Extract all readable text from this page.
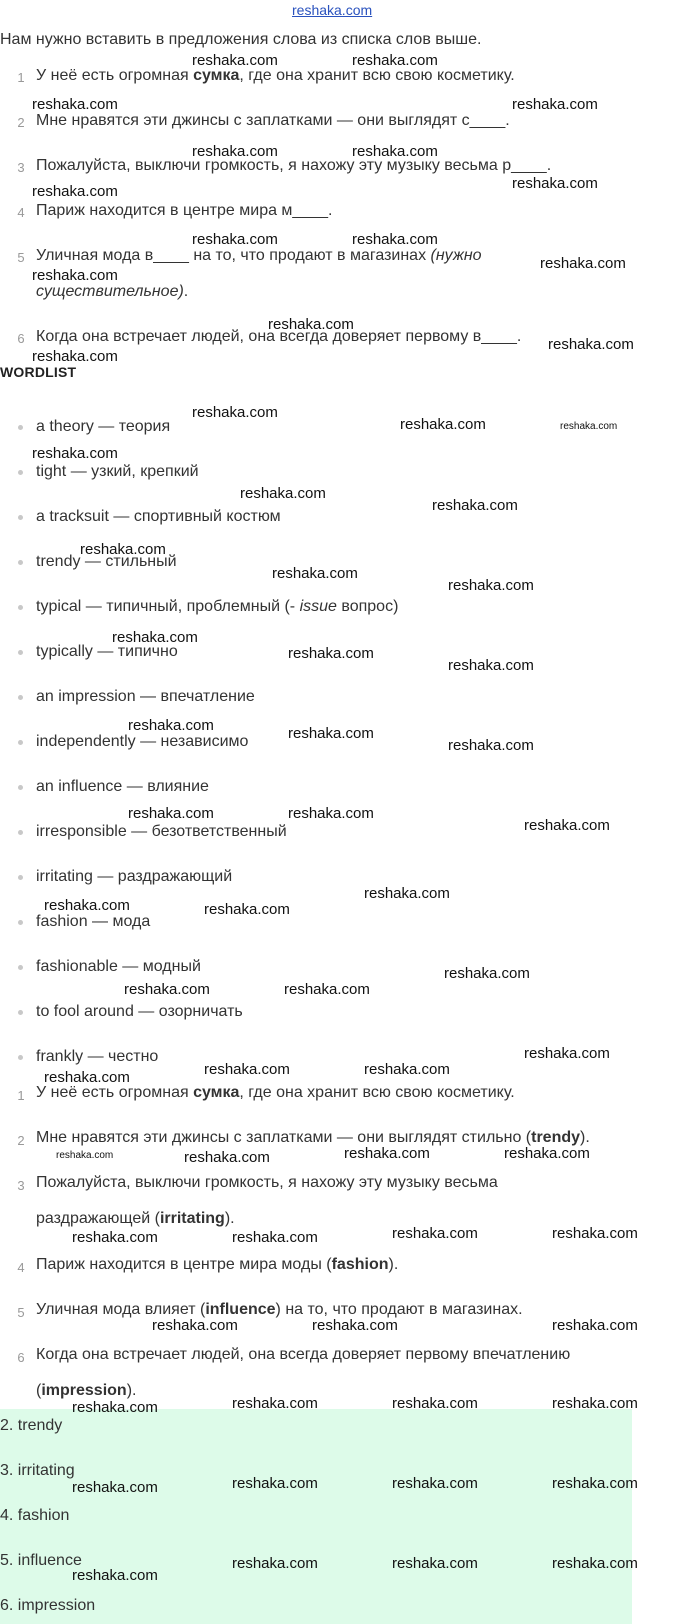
reshaka.com
Нам нужно вставить в предложения слова из списка слов выше.
1 У неё есть огромная сумка, где она хранит всю свою косметику.
2 Мне нравятся эти джинсы с заплатками — они выглядят с____.
3 Пожалуйста, выключи громкость, я нахожу эту музыку весьма р____.
4 Париж находится в центре мира м____.
5 Уличная мода в____ на то, что продают в магазинах (нужно
существительное).
6 Когда она встречает людей, она всегда доверяет первому в____.
WORDLIST
a theory — теория
tight — узкий, крепкий
a tracksuit — спортивный костюм
trendy — стильный
typical — типичный, проблемный (- issue вопрос)
typically — типично
an impression — впечатление
independently — независимо
an influence — влияние
irresponsible — безответственный
irritating — раздражающий
fashion — мода
fashionable — модный
to fool around — озорничать
frankly — честно
1 У неё есть огромная сумка, где она хранит всю свою косметику.
2 Мне нравятся эти джинсы с заплатками — они выглядят стильно (trendy).
3 Пожалуйста, выключи громкость, я нахожу эту музыку весьма
раздражающей (irritating).
4 Париж находится в центре мира моды (fashion).
5 Уличная мода влияет (influence) на то, что продают в магазинах.
6 Когда она встречает людей, она всегда доверяет первому впечатлению
(impression).
2. trendy
3. irritating
4. fashion
5. influence
6. impression
reshaka.com	reshaka.com
reshaka.com	reshaka.com
reshaka.com	reshaka.com
reshaka.com	reshaka.com
reshaka.com	reshaka.com
reshaka.com
reshaka.com
reshaka.com
reshaka.com
reshaka.com
reshaka.com
reshaka.com	reshaka.com
reshaka.com
reshaka.com
reshaka.com
reshaka.com
reshaka.com
reshaka.com
reshaka.com
reshaka.com
reshaka.com
reshaka.com	reshaka.com
reshaka.com
reshaka.com	reshaka.com
reshaka.com
reshaka.com
reshaka.com	reshaka.com
reshaka.com
reshaka.com	reshaka.com
reshaka.com
reshaka.com	reshaka.com
reshaka.com
reshaka.com	reshaka.com	reshaka.com	reshaka.com
reshaka.com	reshaka.com	reshaka.com	reshaka.com
reshaka.com	reshaka.com	reshaka.com
reshaka.com	reshaka.com	reshaka.com	reshaka.com
reshaka.com	reshaka.com	reshaka.com	reshaka.com
reshaka.com
reshaka.com	reshaka.com	reshaka.com
